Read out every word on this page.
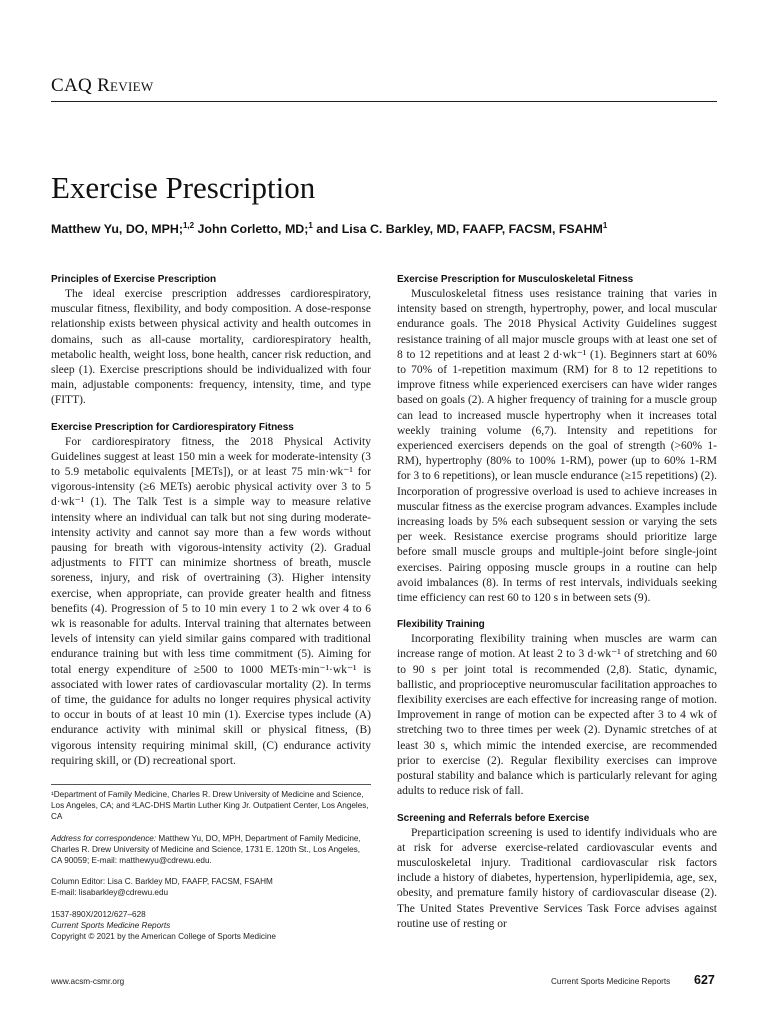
CAQ Review
Exercise Prescription
Matthew Yu, DO, MPH;$^{1,2}$ John Corletto, MD;$^1$ and Lisa C. Barkley, MD, FAAFP, FACSM, FSAHM$^1$
Principles of Exercise Prescription

The ideal exercise prescription addresses cardiorespiratory, muscular fitness, flexibility, and body composition. A dose-response relationship exists between physical activity and health outcomes in domains, such as all-cause mortality, cardiorespiratory health, metabolic health, weight loss, bone health, cancer risk reduction, and sleep (1). Exercise prescriptions should be individualized with four main, adjustable components: frequency, intensity, time, and type (FITT).

Exercise Prescription for Cardiorespiratory Fitness

For cardiorespiratory fitness, the 2018 Physical Activity Guidelines suggest at least 150 min a week for moderate-intensity (3 to 5.9 metabolic equivalents [METs]), or at least 75 min·wk⁻¹ for vigorous-intensity (≥6 METs) aerobic physical activity over 3 to 5 d·wk⁻¹ (1). The Talk Test is a simple way to measure relative intensity where an individual can talk but not sing during moderate-intensity activity and cannot say more than a few words without pausing for breath with vigorous-intensity activity (2). Gradual adjustments to FITT can minimize shortness of breath, muscle soreness, injury, and risk of overtraining (3). Higher intensity exercise, when appropriate, can provide greater health and fitness benefits (4). Progression of 5 to 10 min every 1 to 2 wk over 4 to 6 wk is reasonable for adults. Interval training that alternates between levels of intensity can yield similar gains compared with traditional endurance training but with less time commitment (5). Aiming for total energy expenditure of ≥500 to 1000 METs·min⁻¹·wk⁻¹ is associated with lower rates of cardiovascular mortality (2). In terms of time, the guidance for adults no longer requires physical activity to occur in bouts of at least 10 min (1). Exercise types include (A) endurance activity with minimal skill or physical fitness, (B) vigorous intensity requiring minimal skill, (C) endurance activity requiring skill, or (D) recreational sport.

¹Department of Family Medicine, Charles R. Drew University of Medicine and Science, Los Angeles, CA; and ²LAC-DHS Martin Luther King Jr. Outpatient Center, Los Angeles, CA

Address for correspondence: Matthew Yu, DO, MPH, Department of Family Medicine, Charles R. Drew University of Medicine and Science, 1731 E. 120th St., Los Angeles, CA 90059; E-mail: matthewyu@cdrewu.edu.

Column Editor: Lisa C. Barkley MD, FAAFP, FACSM, FSAHM
E-mail: lisabarkley@cdrewu.edu

1537-890X/2012/627–628
Current Sports Medicine Reports
Copyright © 2021 by the American College of Sports Medicine

Exercise Prescription for Musculoskeletal Fitness

Musculoskeletal fitness uses resistance training that varies in intensity based on strength, hypertrophy, power, and local muscular endurance goals. The 2018 Physical Activity Guidelines suggest resistance training of all major muscle groups with at least one set of 8 to 12 repetitions and at least 2 d·wk⁻¹ (1). Beginners start at 60% to 70% of 1-repetition maximum (RM) for 8 to 12 repetitions to improve fitness while experienced exercisers can have wider ranges based on goals (2). A higher frequency of training for a muscle group can lead to increased muscle hypertrophy when it increases total weekly training volume (6,7). Intensity and repetitions for experienced exercisers depends on the goal of strength (>60% 1-RM), hypertrophy (80% to 100% 1-RM), power (up to 60% 1-RM for 3 to 6 repetitions), or lean muscle endurance (≥15 repetitions) (2). Incorporation of progressive overload is used to achieve increases in muscular fitness as the exercise program advances. Examples include increasing loads by 5% each subsequent session or varying the sets per week. Resistance exercise programs should prioritize large before small muscle groups and multiple-joint before single-joint exercises. Pairing opposing muscle groups in a routine can help avoid imbalances (8). In terms of rest intervals, individuals seeking time efficiency can rest 60 to 120 s in between sets (9).

Flexibility Training

Incorporating flexibility training when muscles are warm can increase range of motion. At least 2 to 3 d·wk⁻¹ of stretching and 60 to 90 s per joint total is recommended (2,8). Static, dynamic, ballistic, and proprioceptive neuromuscular facilitation approaches to flexibility exercises are each effective for increasing range of motion. Improvement in range of motion can be expected after 3 to 4 wk of stretching two to three times per week (2). Dynamic stretches of at least 30 s, which mimic the intended exercise, are recommended prior to exercise (2). Regular flexibility exercises can improve postural stability and balance which is particularly relevant for aging adults to reduce risk of fall.

Screening and Referrals before Exercise

Preparticipation screening is used to identify individuals who are at risk for adverse exercise-related cardiovascular events and musculoskeletal injury. Traditional cardiovascular risk factors include a history of diabetes, hypertension, hyperlipidemia, age, sex, obesity, and premature family history of cardiovascular disease (2). The United States Preventive Services Task Force advises against routine use of resting or

www.acsm-csmr.org	Current Sports Medicine Reports 627
